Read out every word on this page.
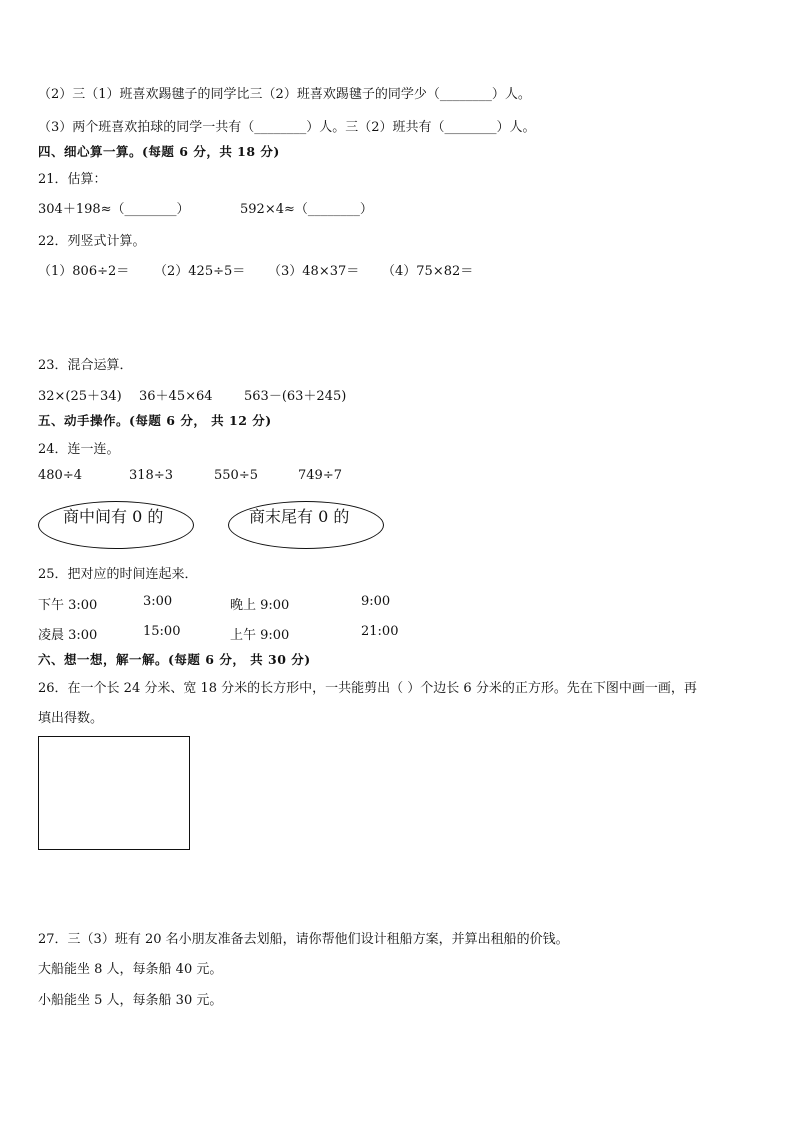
（2）三（1）班喜欢踢毽子的同学比三（2）班喜欢踢毽子的同学少（________）人。
（3）两个班喜欢拍球的同学一共有（________）人。三（2）班共有（________）人。
四、细心算一算。(每题 6 分，共 18 分)
21．估算：
304＋198≈（________）	592×4≈（________）
22．列竖式计算。
（1）806÷2＝ （2）425÷5＝ （3）48×37＝ （4）75×82＝
23．混合运算．
32×(25＋34) 36＋45×64 563－(63＋245)
五、动手操作。(每题 6 分， 共 12 分)
24．连一连。
480÷4	318÷3	550÷5	749÷7
商中间有 0 的	商末尾有 0 的
25．把对应的时间连起来．
下午 3:00	3:00	晚上 9:00	9:00
凌晨 3:00	15:00	上午 9:00	21:00
六、想一想，解一解。(每题 6 分， 共 30 分)
26．在一个长 24 分米、宽 18 分米的长方形中，一共能剪出（ ）个边长 6 分米的正方形。先在下图中画一画，再
填出得数。
27．三（3）班有 20 名小朋友准备去划船，请你帮他们设计租船方案，并算出租船的价钱。
大船能坐 8 人，每条船 40 元。
小船能坐 5 人，每条船 30 元。
